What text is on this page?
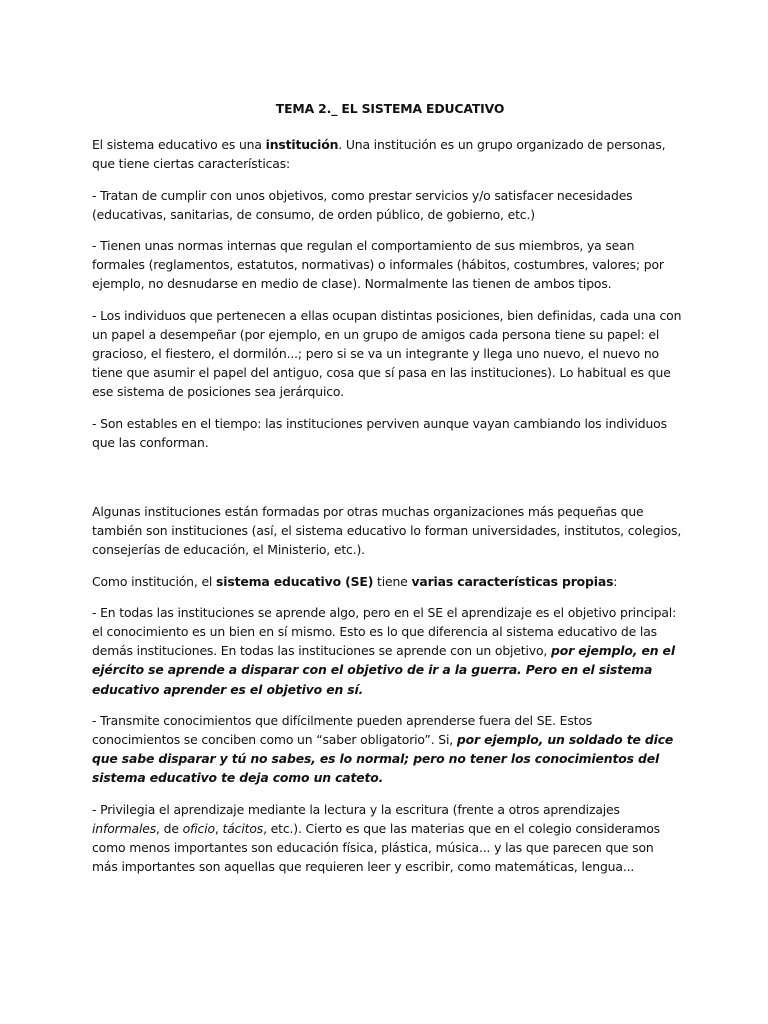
TEMA 2._ EL SISTEMA EDUCATIVO

El sistema educativo es una institución. Una institución es un grupo organizado de personas, que tiene ciertas características:

- Tratan de cumplir con unos objetivos, como prestar servicios y/o satisfacer necesidades (educativas, sanitarias, de consumo, de orden público, de gobierno, etc.)

- Tienen unas normas internas que regulan el comportamiento de sus miembros, ya sean formales (reglamentos, estatutos, normativas) o informales (hábitos, costumbres, valores; por ejemplo, no desnudarse en medio de clase). Normalmente las tienen de ambos tipos.

- Los individuos que pertenecen a ellas ocupan distintas posiciones, bien definidas, cada una con un papel a desempeñar (por ejemplo, en un grupo de amigos cada persona tiene su papel: el gracioso, el fiestero, el dormilón...; pero si se va un integrante y llega uno nuevo, el nuevo no tiene que asumir el papel del antiguo, cosa que sí pasa en las instituciones). Lo habitual es que ese sistema de posiciones sea jerárquico.

- Son estables en el tiempo: las instituciones perviven aunque vayan cambiando los individuos que las conforman.

Algunas instituciones están formadas por otras muchas organizaciones más pequeñas que también son instituciones (así, el sistema educativo lo forman universidades, institutos, colegios, consejerías de educación, el Ministerio, etc.).

Como institución, el sistema educativo (SE) tiene varias características propias:

- En todas las instituciones se aprende algo, pero en el SE el aprendizaje es el objetivo principal: el conocimiento es un bien en sí mismo. Esto es lo que diferencia al sistema educativo de las demás instituciones. En todas las instituciones se aprende con un objetivo, por ejemplo, en el ejército se aprende a disparar con el objetivo de ir a la guerra. Pero en el sistema educativo aprender es el objetivo en sí.

- Transmite conocimientos que difícilmente pueden aprenderse fuera del SE. Estos conocimientos se conciben como un “saber obligatorio”. Si, por ejemplo, un soldado te dice que sabe disparar y tú no sabes, es lo normal; pero no tener los conocimientos del sistema educativo te deja como un cateto.

- Privilegia el aprendizaje mediante la lectura y la escritura (frente a otros aprendizajes informales, de oficio, tácitos, etc.). Cierto es que las materias que en el colegio consideramos como menos importantes son educación física, plástica, música... y las que parecen que son más importantes son aquellas que requieren leer y escribir, como matemáticas, lengua...
